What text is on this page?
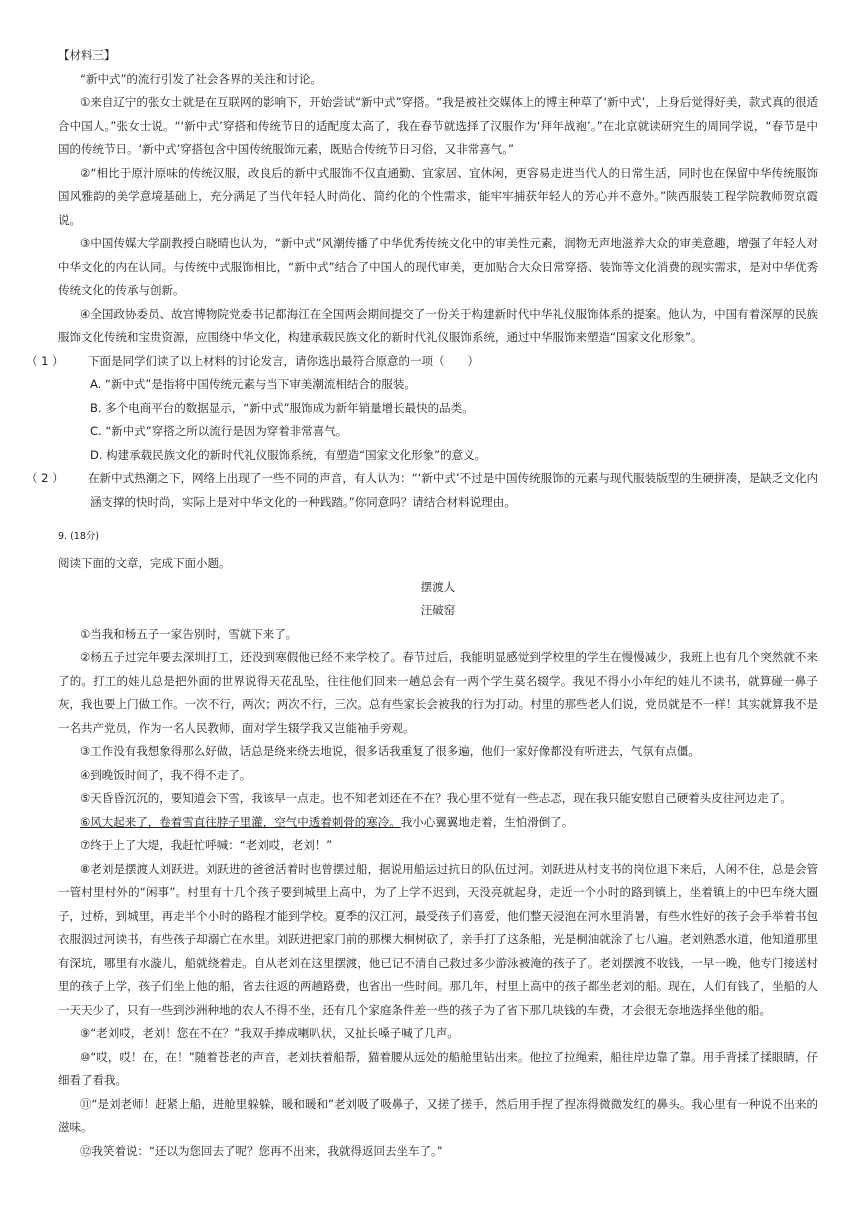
【材料三】

“新中式”的流行引发了社会各界的关注和讨论。

①来自辽宁的张女士就是在互联网的影响下，开始尝试“新中式”穿搭。“我是被社交媒体上的博主种草了‘新中式’，上身后觉得好美，款式真的很适合中国人。”张女士说。“‘新中式’穿搭和传统节日的适配度太高了，我在春节就选择了汉服作为‘拜年战袍’。”在北京就读研究生的周同学说，“春节是中国的传统节日。‘新中式’穿搭包含中国传统服饰元素，既贴合传统节日习俗，又非常喜气。”

②“相比于原汁原味的传统汉服，改良后的新中式服饰不仅直通勤、宜家居、宜休闲，更容易走进当代人的日常生活，同时也在保留中华传统服饰国风雅韵的美学意境基础上，充分满足了当代年轻人时尚化、简约化的个性需求，能牢牢捕获年轻人的芳心并不意外。”陕西服装工程学院教师贺京霞说。

③中国传媒大学副教授白晓晴也认为，“新中式”风潮传播了中华优秀传统文化中的审美性元素，润物无声地滋养大众的审美意趣，增强了年轻人对中华文化的内在认同。与传统中式服饰相比，“新中式”结合了中国人的现代审美，更加贴合大众日常穿搭、装饰等文化消费的现实需求，是对中华优秀传统文化的传承与创新。

④全国政协委员、故宫博物院党委书记都海江在全国两会期间提交了一份关于构建新时代中华礼仪服饰体系的提案。他认为，中国有着深厚的民族服饰文化传统和宝贵资源，应围绕中华文化，构建承载民族文化的新时代礼仪服饰系统，通过中华服饰来塑造“国家文化形象”。

（ 1 ） 下面是同学们读了以上材料的讨论发言，请你选出最符合原意的一项（　　）

A. “新中式”是指将中国传统元素与当下审美潮流相结合的服装。

B. 多个电商平台的数据显示，“新中式”服饰成为新年销量增长最快的品类。

C. “新中式”穿搭之所以流行是因为穿着非常喜气。

D. 构建承载民族文化的新时代礼仪服饰系统，有塑造“国家文化形象”的意义。

（ 2 ） 在新中式热潮之下，网络上出现了一些不同的声音，有人认为：“‘新中式’不过是中国传统服饰的元素与现代服装版型的生硬拼凑，是缺乏文化内涵支撑的快时尚，实际上是对中华文化的一种践踏。”你同意吗？请结合材料说理由。

9. (18分)

阅读下面的文章，完成下面小题。

摆渡人

汪破窑

①当我和杨五子一家告别时，雪就下来了。

②杨五子过完年要去深圳打工，还没到寒假他已经不来学校了。春节过后，我能明显感觉到学校里的学生在慢慢减少，我班上也有几个突然就不来了的。打工的娃儿总是把外面的世界说得天花乱坠，往往他们回来一趟总会有一两个学生莫名辍学。我见不得小小年纪的娃儿不读书，就算碰一鼻子灰，我也要上门做工作。一次不行，两次；两次不行，三次。总有些家长会被我的行为打动。村里的那些老人们说，党员就是不一样！其实就算我不是一名共产党员，作为一名人民教师，面对学生辍学我又岂能袖手旁观。

③工作没有我想象得那么好做，话总是绕来绕去地说，很多话我重复了很多遍，他们一家好像都没有听进去，气氛有点僵。

④到晚饭时间了，我不得不走了。

⑤天昏昏沉沉的，要知道会下雪，我该早一点走。也不知老刘还在不在？我心里不觉有一些忐忑，现在我只能安慰自己硬着头皮往河边走了。

⑥风大起来了，卷着雪直往脖子里灌，空气中透着刺骨的寒冷。我小心翼翼地走着，生怕滑倒了。

⑦终于上了大堤，我赶忙呼喊：“老刘哎，老刘！”

⑧老刘是摆渡人刘跃进。刘跃进的爸爸活着时也曾摆过船，据说用船运过抗日的队伍过河。刘跃进从村支书的岗位退下来后，人闲不住，总是会管一管村里村外的“闲事”。村里有十几个孩子要到城里上高中，为了上学不迟到，天没亮就起身，走近一个小时的路到镇上，坐着镇上的中巴车绕大圈子，过桥，到城里，再走半个小时的路程才能到学校。夏季的汉江河，最受孩子们喜爱，他们整天浸泡在河水里消暑，有些水性好的孩子会手举着书包衣服泅过河读书，有些孩子却溺亡在水里。刘跃进把家门前的那棵大桐树砍了，亲手打了这条船，光是桐油就涂了七八遍。老刘熟悉水道，他知道那里有深坑，哪里有水漩儿，船就绕着走。自从老刘在这里摆渡，他已记不清自己救过多少游泳被淹的孩子了。老刘摆渡不收钱，一早一晚，他专门接送村里的孩子上学，孩子们坐上他的船，省去往返的两趟路费，也省出一些时间。那几年，村里上高中的孩子都坐老刘的船。现在，人们有钱了，坐船的人一天天少了，只有一些到沙洲种地的农人不得不坐，还有几个家庭条件差一些的孩子为了省下那几块钱的车费，才会很无奈地选择坐他的船。

⑨“老刘哎，老刘！您在不在？”我双手捧成喇叭状，又扯长嗓子喊了几声。

⑩“哎，哎！在，在！”随着苍老的声音，老刘扶着船帮，猫着腰从远处的船舱里钻出来。他拉了拉绳索，船往岸边靠了靠。用手背揉了揉眼睛，仔细看了看我。

⑪“是刘老师！赶紧上船，进舱里躲躲，暖和暖和”老刘吸了吸鼻子，又搓了搓手，然后用手捏了捏冻得微微发红的鼻头。我心里有一种说不出来的滋味。

⑫我笑着说：“还以为您回去了呢？您再不出来，我就得返回去坐车了。”
